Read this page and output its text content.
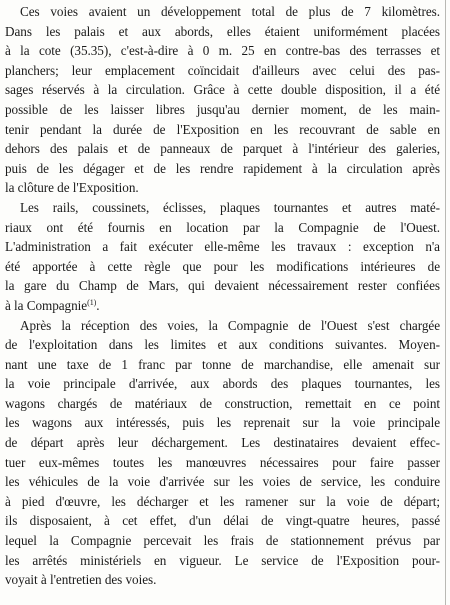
Ces voies avaient un développement total de plus de 7 kilomètres.
Dans les palais et aux abords, elles étaient uniformément placées
à la cote (35.35), c'est-à-dire à 0 m. 25 en contre-bas des terrasses et
planchers; leur emplacement coïncidait d'ailleurs avec celui des pas-
sages réservés à la circulation. Grâce à cette double disposition, il a été
possible de les laisser libres jusqu'au dernier moment, de les main-
tenir pendant la durée de l'Exposition en les recouvrant de sable en
dehors des palais et de panneaux de parquet à l'intérieur des galeries,
puis de les dégager et de les rendre rapidement à la circulation après
la clôture de l'Exposition.

Les rails, coussinets, éclisses, plaques tournantes et autres maté-
riaux ont été fournis en location par la Compagnie de l'Ouest.
L'administration a fait exécuter elle-même les travaux : exception n'a
été apportée à cette règle que pour les modifications intérieures de
la gare du Champ de Mars, qui devaient nécessairement rester confiées
à la Compagnie$^{(1)}$.

Après la réception des voies, la Compagnie de l'Ouest s'est chargée
de l'exploitation dans les limites et aux conditions suivantes. Moyen-
nant une taxe de 1 franc par tonne de marchandise, elle amenait sur
la voie principale d'arrivée, aux abords des plaques tournantes, les
wagons chargés de matériaux de construction, remettait en ce point
les wagons aux intéressés, puis les reprenait sur la voie principale
de départ après leur déchargement. Les destinataires devaient effec-
tuer eux-mêmes toutes les manœuvres nécessaires pour faire passer
les véhicules de la voie d'arrivée sur les voies de service, les conduire
à pied d'œuvre, les décharger et les ramener sur la voie de départ;
ils disposaient, à cet effet, d'un délai de vingt-quatre heures, passé
lequel la Compagnie percevait les frais de stationnement prévus par
les arrêtés ministériels en vigueur. Le service de l'Exposition pour-
voyait à l'entretien des voies.
